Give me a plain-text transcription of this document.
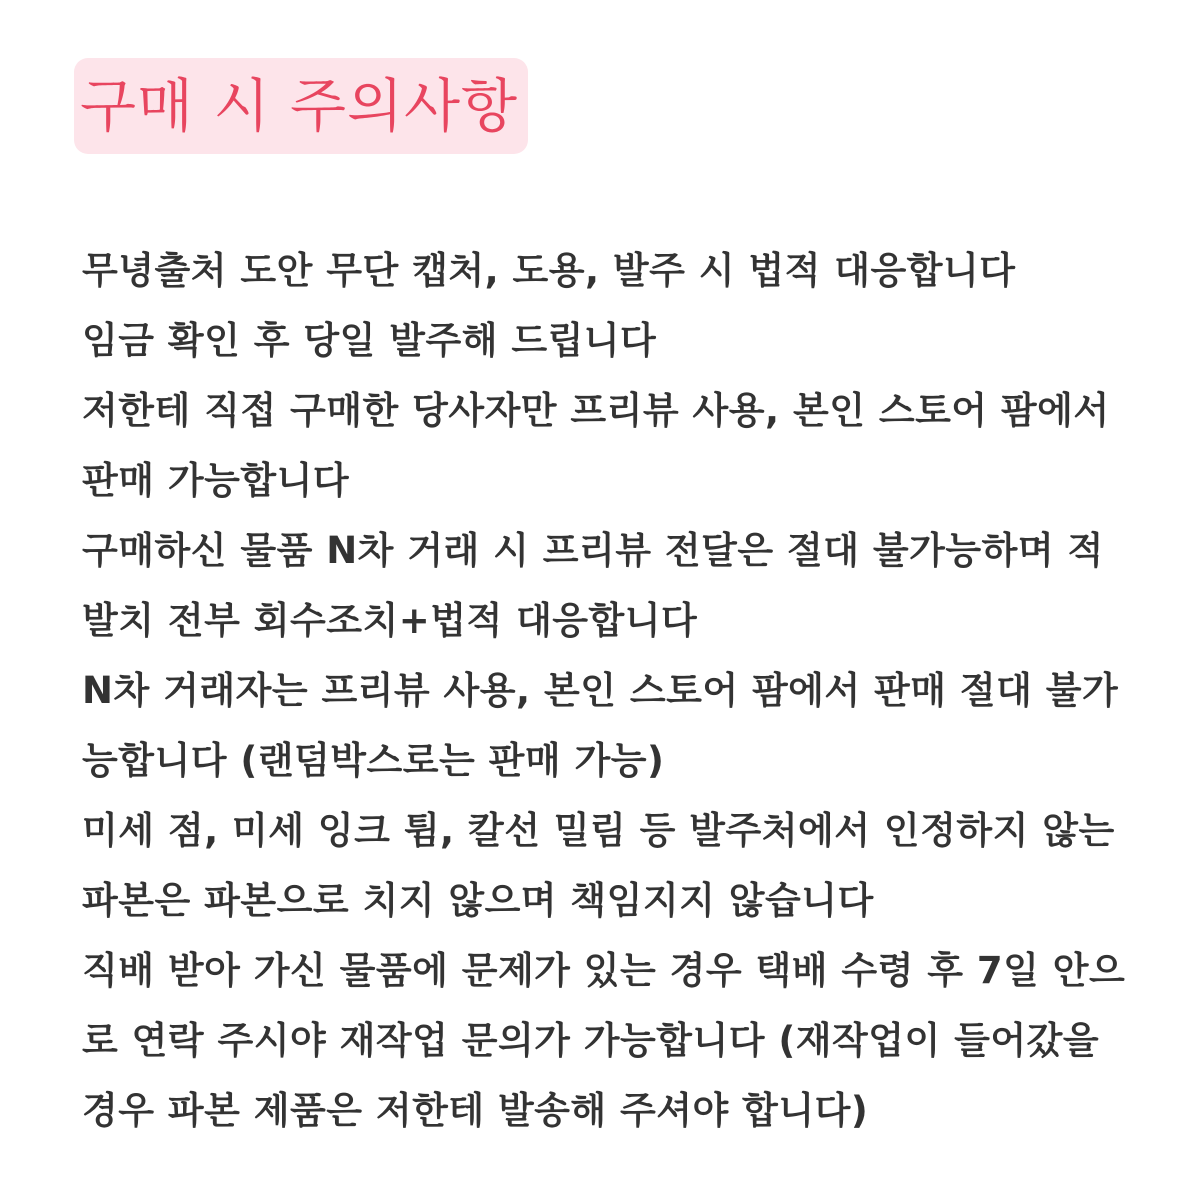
구매 시 주의사항
무녕출처 도안 무단 캡처, 도용, 발주 시 법적 대응합니다
임금 확인 후 당일 발주해 드립니다
저한테 직접 구매한 당사자만 프리뷰 사용, 본인 스토어 팜에서
판매 가능합니다
구매하신 물품 N차 거래 시 프리뷰 전달은 절대 불가능하며 적
발치 전부 회수조치+법적 대응합니다
N차 거래자는 프리뷰 사용, 본인 스토어 팜에서 판매 절대 불가
능합니다 (랜덤박스로는 판매 가능)
미세 점, 미세 잉크 튐, 칼선 밀림 등 발주처에서 인정하지 않는
파본은 파본으로 치지 않으며 책임지지 않습니다
직배 받아 가신 물품에 문제가 있는 경우 택배 수령 후 7일 안으
로 연락 주시야 재작업 문의가 가능합니다 (재작업이 들어갔을
경우 파본 제품은 저한테 발송해 주셔야 합니다)
